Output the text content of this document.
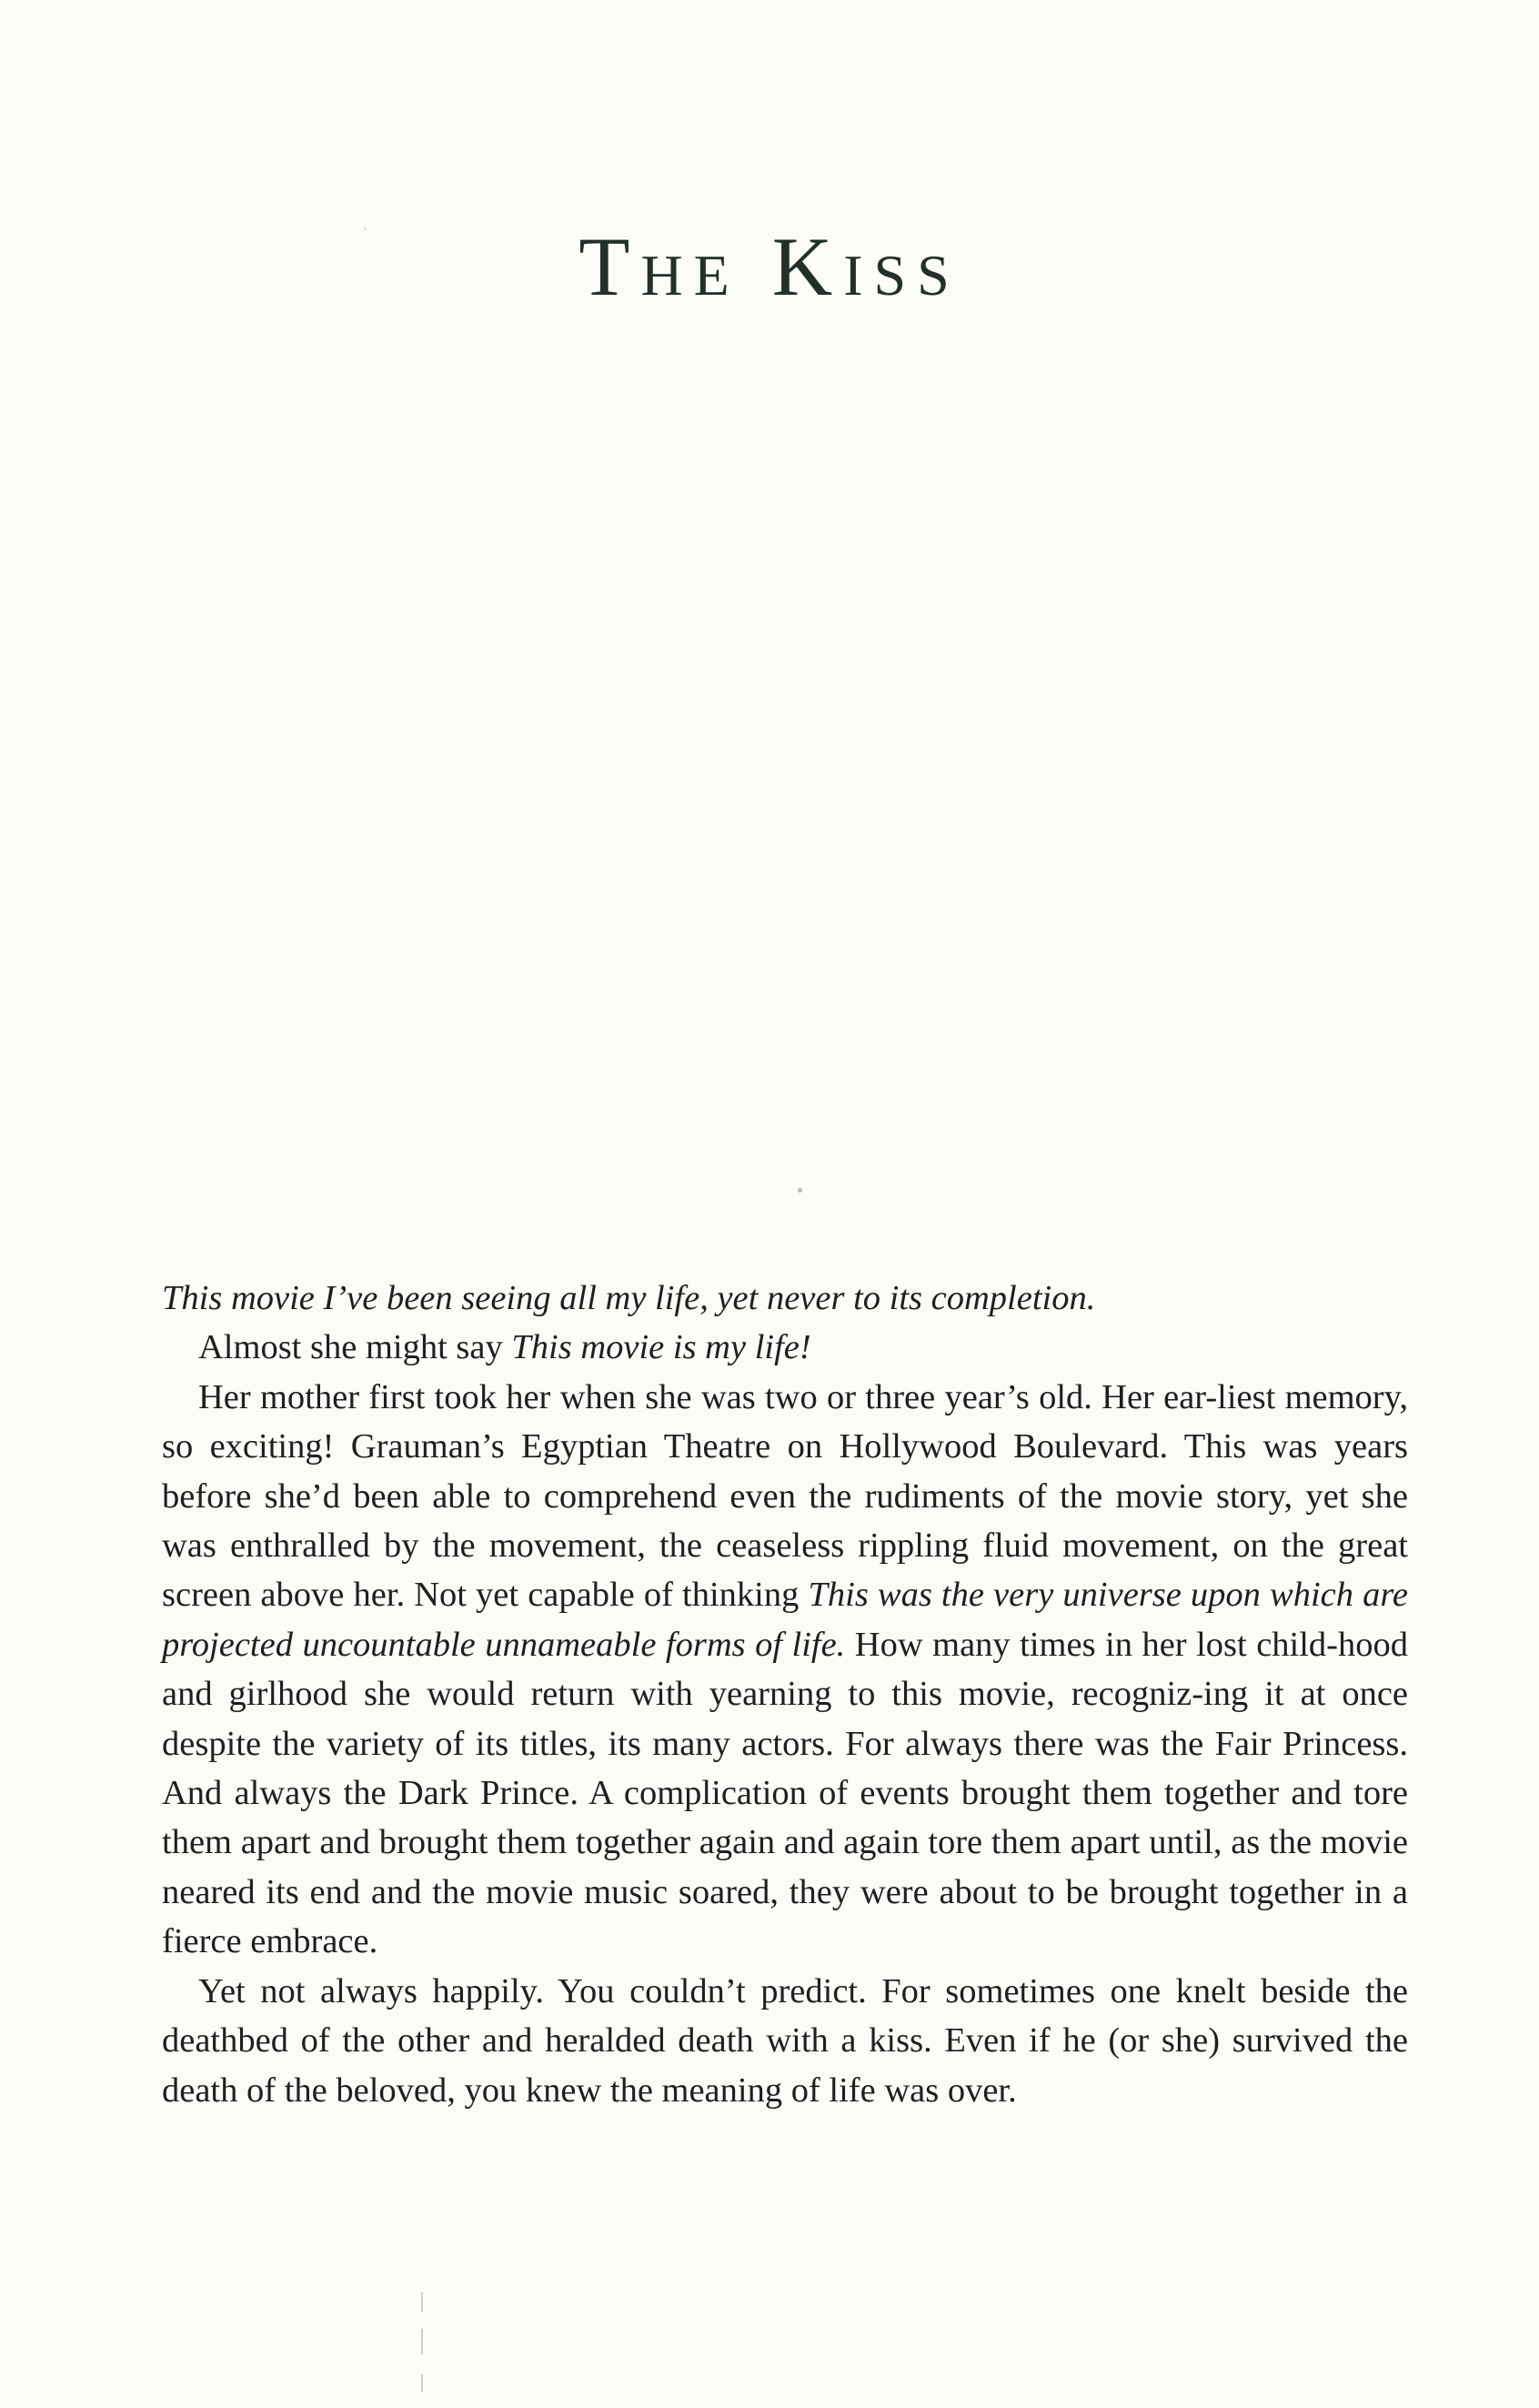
The Kiss

This movie I’ve been seeing all my life, yet never to its completion.

Almost she might say This movie is my life!

Her mother first took her when she was two or three year’s old. Her ear-liest memory, so exciting! Grauman’s Egyptian Theatre on Hollywood Boulevard. This was years before she’d been able to comprehend even the rudiments of the movie story, yet she was enthralled by the movement, the ceaseless rippling fluid movement, on the great screen above her. Not yet capable of thinking This was the very universe upon which are projected uncountable unnameable forms of life. How many times in her lost child-hood and girlhood she would return with yearning to this movie, recogniz-ing it at once despite the variety of its titles, its many actors. For always there was the Fair Princess. And always the Dark Prince. A complication of events brought them together and tore them apart and brought them together again and again tore them apart until, as the movie neared its end and the movie music soared, they were about to be brought together in a fierce embrace.

Yet not always happily. You couldn’t predict. For sometimes one knelt beside the deathbed of the other and heralded death with a kiss. Even if he (or she) survived the death of the beloved, you knew the meaning of life was over.
